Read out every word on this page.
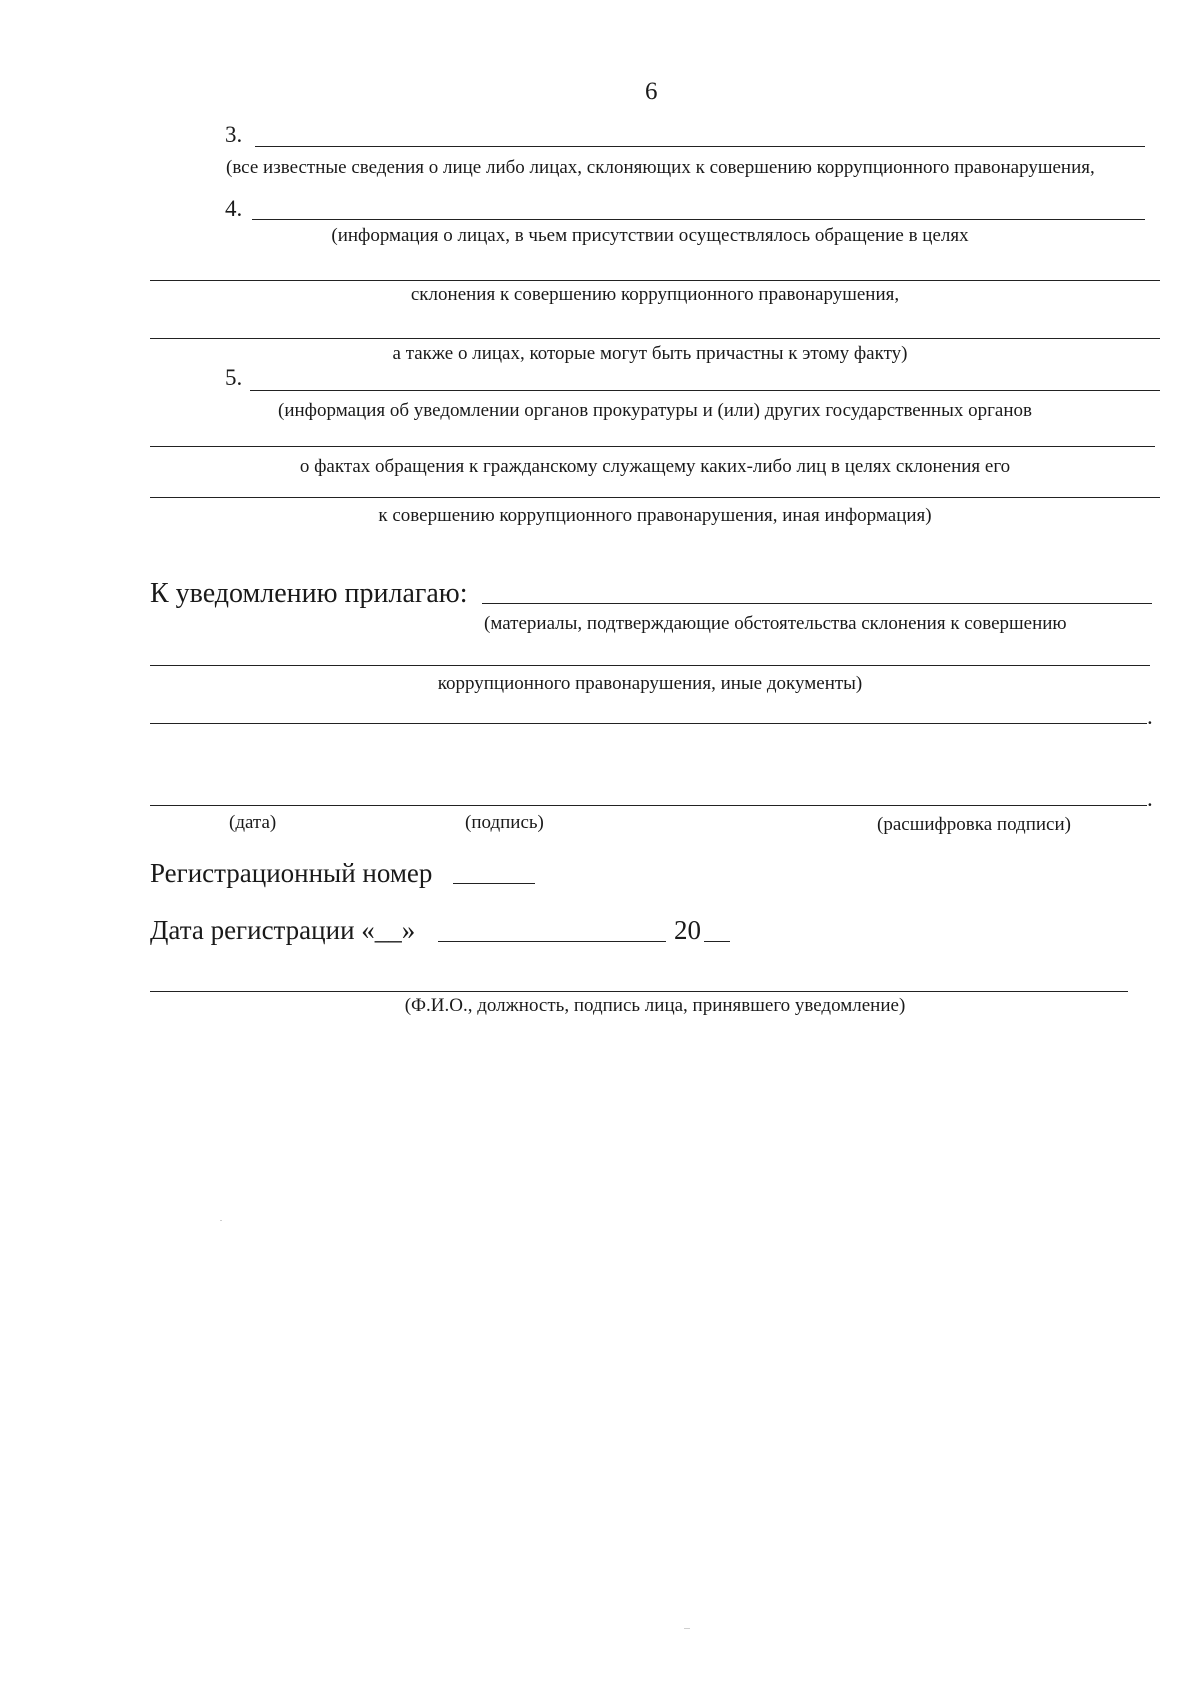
6
3.
(все известные сведения о лице либо лицах, склоняющих к совершению коррупционного правонарушения,
4.
(информация о лицах, в чьем присутствии осуществлялось обращение в целях
склонения к совершению коррупционного правонарушения,
а также о лицах, которые могут быть причастны к этому факту)
5.
(информация об уведомлении органов прокуратуры и (или) других государственных органов
о фактах обращения к гражданскому служащему каких-либо лиц в целях склонения его
к совершению коррупционного правонарушения, иная информация)
К уведомлению прилагаю:
(материалы, подтверждающие обстоятельства склонения к совершению
коррупционного правонарушения, иные документы)
.
.
(дата)	(подпись)	(расшифровка подписи)
Регистрационный номер
Дата регистрации «__»	20
(Ф.И.О., должность, подпись лица, принявшего уведомление)
